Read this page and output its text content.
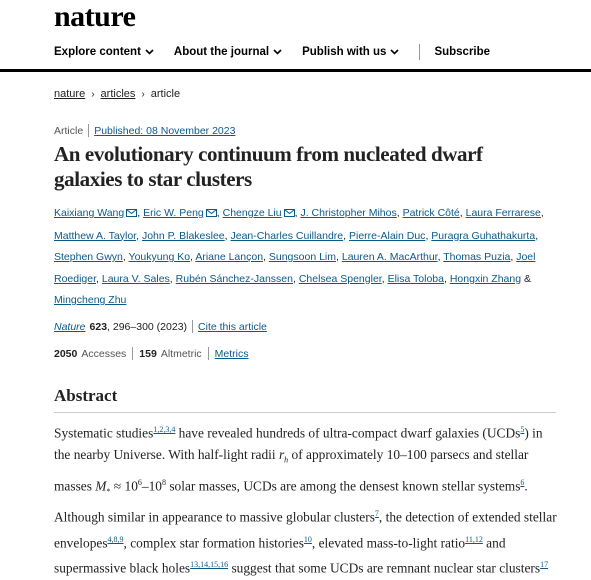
nature
Explore content	About the journal	Publish with us	Subscribe
nature › articles › article
Article Published: 08 November 2023
An evolutionary continuum from nucleated dwarf galaxies to star clusters
Kaixiang Wang , Eric W. Peng , Chengze Liu , J. Christopher Mihos, Patrick Côté, Laura Ferrarese, Matthew A. Taylor, John P. Blakeslee, Jean-Charles Cuillandre, Pierre-Alain Duc, Puragra Guhathakurta, Stephen Gwyn, Youkyung Ko, Ariane Lançon, Sungsoon Lim, Lauren A. MacArthur, Thomas Puzia, Joel Roediger, Laura V. Sales, Rubén Sánchez-Janssen, Chelsea Spengler, Elisa Toloba, Hongxin Zhang & Mingcheng Zhu
Nature 623 , 296–300 (2023) Cite this article
2050 Accesses 159 Altmetric Metrics
Abstract

Systematic studies$^{1,2,3,4}$ have revealed hundreds of ultra-compact dwarf galaxies (UCDs$^5$) in the nearby Universe. With half-light radii $r_h$ of approximately 10–100 parsecs and stellar masses $M_* \approx 10^6-10^8$ solar masses, UCDs are among the densest known stellar systems$^6$. Although similar in appearance to massive globular clusters$^7$, the detection of extended stellar envelopes$^{4,8,9}$, complex star formation histories$^{10}$, elevated mass-to-light ratio$^{11,12}$ and supermassive black holes$^{13,14,15,16}$ suggest that some UCDs are remnant nuclear star clusters$^{17}$
